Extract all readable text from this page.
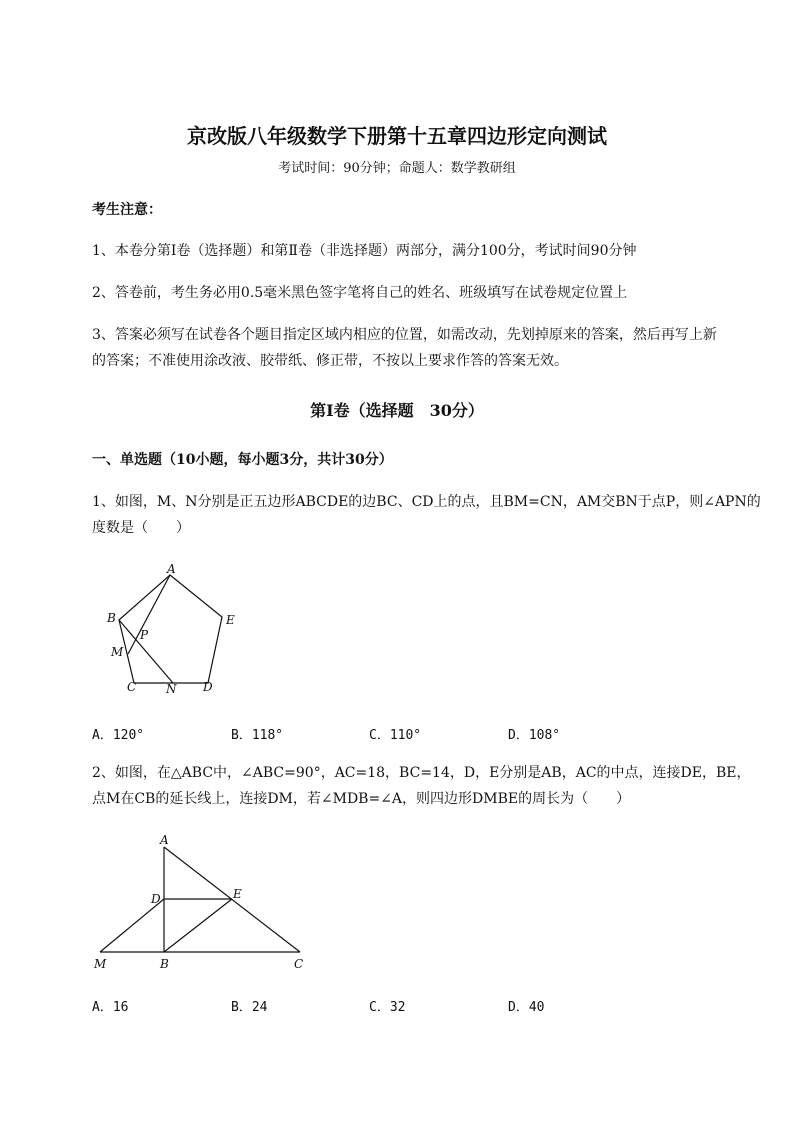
京改版八年级数学下册第十五章四边形定向测试
考试时间：90分钟；命题人：数学教研组
考生注意：
1、本卷分第I卷（选择题）和第Ⅱ卷（非选择题）两部分，满分100分，考试时间90分钟
2、答卷前，考生务必用0.5毫米黑色签字笔将自己的姓名、班级填写在试卷规定位置上
3、答案必须写在试卷各个题目指定区域内相应的位置，如需改动，先划掉原来的答案，然后再写上新
的答案；不准使用涂改液、胶带纸、修正带，不按以上要求作答的答案无效。
第I卷（选择题　30分）
一、单选题（10小题，每小题3分，共计30分）
1、如图，M、N分别是正五边形ABCDE的边BC、CD上的点，且BM=CN，AM交BN于点P，则∠APN的
度数是（　　）
A
B	E
P
M
C N D
A．120°	B．118°	C．110°	D．108°
2、如图，在△ABC中，∠ABC=90°，AC=18，BC=14，D，E分别是AB，AC的中点，连接DE，BE，
点M在CB的延长线上，连接DM，若∠MDB=∠A，则四边形DMBE的周长为（　　）
A
D	E
M	B	C
A．16	B．24	C．32	D．40
